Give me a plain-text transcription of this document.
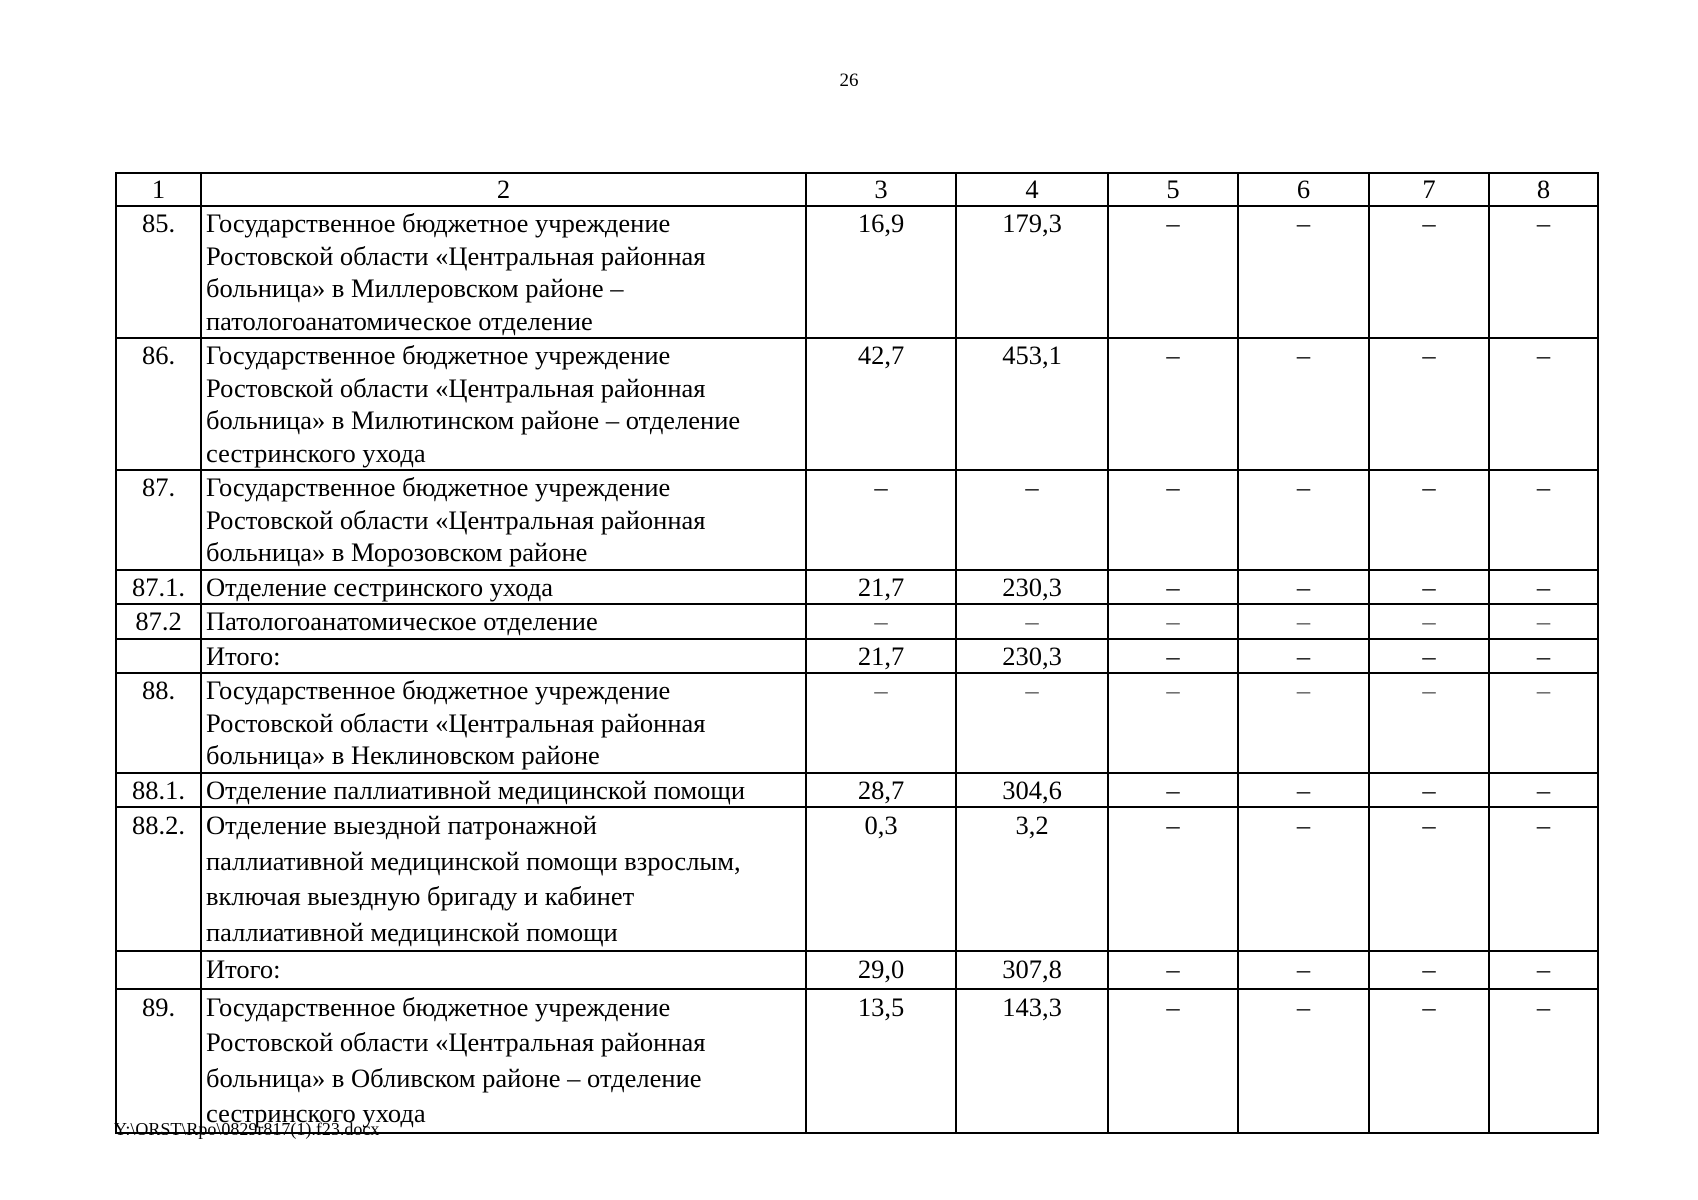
26
1	2	3	4	5	6	7	8
85.	Государственное бюджетное учреждение
Ростовской области «Центральная районная
больница» в Миллеровском районе –
патологоанатомическое отделение	16,9	179,3	–	–	–	–
86.	Государственное бюджетное учреждение
Ростовской области «Центральная районная
больница» в Милютинском районе – отделение
сестринского ухода	42,7	453,1	–	–	–	–
87.	Государственное бюджетное учреждение
Ростовской области «Центральная районная
больница» в Морозовском районе	–	–	–	–	–	–
87.1.	Отделение сестринского ухода	21,7	230,3	–	–	–	–
87.2	Патологоанатомическое отделение	–	–	–	–	–	–

	Итого:	21,7	230,3	–	–	–	–
88.	Государственное бюджетное учреждение
Ростовской области «Центральная районная
больница» в Неклиновском районе	–	–	–	–	–	–
88.1.	Отделение паллиативной медицинской помощи	28,7	304,6	–	–	–	–
88.2.	Отделение выездной патронажной
паллиативной медицинской помощи взрослым,
включая выездную бригаду и кабинет
паллиативной медицинской помощи	0,3	3,2	–	–	–	–

	Итого:	29,0	307,8	–	–	–	–
89.	Государственное бюджетное учреждение
Ростовской области «Центральная районная
больница» в Обливском районе – отделение
сестринского ухода	13,5	143,3	–	–	–	–
Y:\ORST\Rpo\0829r817(1).f23.docx
